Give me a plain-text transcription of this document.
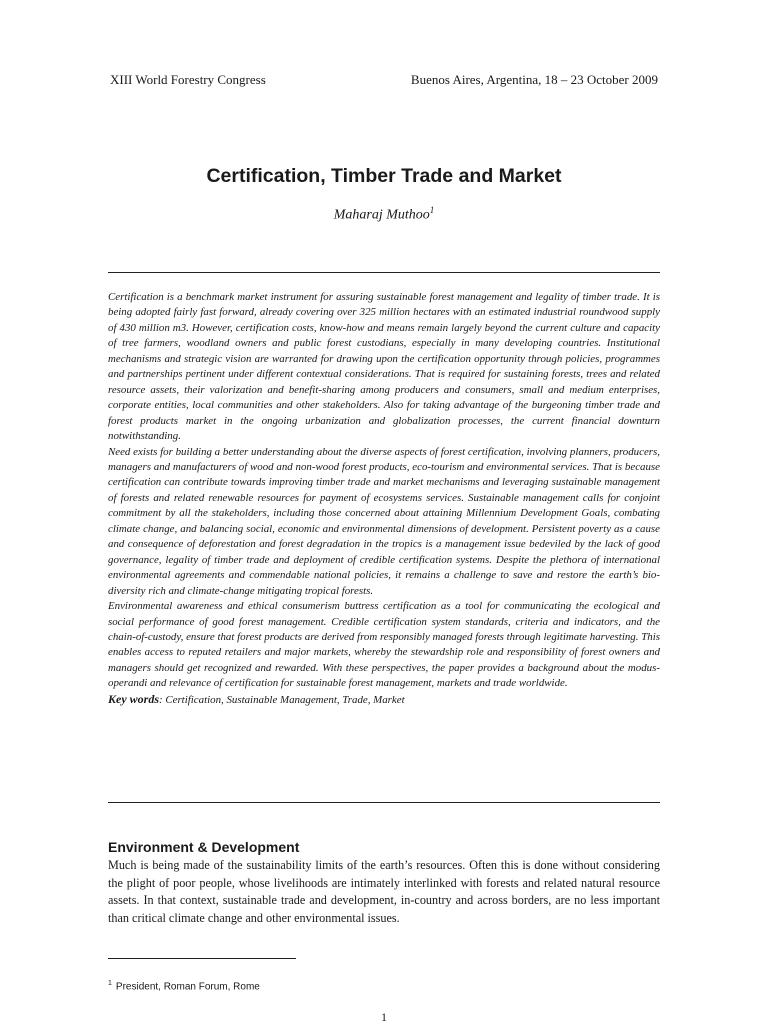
XIII World Forestry Congress	Buenos Aires, Argentina, 18 – 23 October 2009
Certification, Timber Trade and Market
Maharaj Muthoo$^1$

Certification is a benchmark market instrument for assuring sustainable forest management and legality of timber trade. It is being adopted fairly fast forward, already covering over 325 million hectares with an estimated industrial roundwood supply of 430 million m3. However, certification costs, know-how and means remain largely beyond the current culture and capacity of tree farmers, woodland owners and public forest custodians, especially in many developing countries. Institutional mechanisms and strategic vision are warranted for drawing upon the certification opportunity through policies, programmes and partnerships pertinent under different contextual considerations. That is required for sustaining forests, trees and related resource assets, their valorization and benefit-sharing among producers and consumers, small and medium enterprises, corporate entities, local communities and other stakeholders. Also for taking advantage of the burgeoning timber trade and forest products market in the ongoing urbanization and globalization processes, the current financial downturn notwithstanding.

Need exists for building a better understanding about the diverse aspects of forest certification, involving planners, producers, managers and manufacturers of wood and non-wood forest products, eco-tourism and environmental services. That is because certification can contribute towards improving timber trade and market mechanisms and leveraging sustainable management of forests and related renewable resources for payment of ecosystems services. Sustainable management calls for conjoint commitment by all the stakeholders, including those concerned about attaining Millennium Development Goals, combating climate change, and balancing social, economic and environmental dimensions of development. Persistent poverty as a cause and consequence of deforestation and forest degradation in the tropics is a management issue bedeviled by the lack of good governance, legality of timber trade and deployment of credible certification systems. Despite the plethora of international environmental agreements and commendable national policies, it remains a challenge to save and restore the earth’s bio-diversity rich and climate-change mitigating tropical forests.

Environmental awareness and ethical consumerism buttress certification as a tool for communicating the ecological and social performance of good forest management. Credible certification system standards, criteria and indicators, and the chain-of-custody, ensure that forest products are derived from responsibly managed forests through legitimate harvesting. This enables access to reputed retailers and major markets, whereby the stewardship role and responsibility of forest owners and managers should get recognized and rewarded. With these perspectives, the paper provides a background about the modus-operandi and relevance of certification for sustainable forest management, markets and trade worldwide.

Key words: Certification, Sustainable Management, Trade, Market

Environment & Development

Much is being made of the sustainability limits of the earth’s resources. Often this is done without considering the plight of poor people, whose livelihoods are intimately interlinked with forests and related natural resource assets. In that context, sustainable trade and development, in-country and across borders, are no less important than critical climate change and other environmental issues.

$^1$ President, Roman Forum, Rome
1
